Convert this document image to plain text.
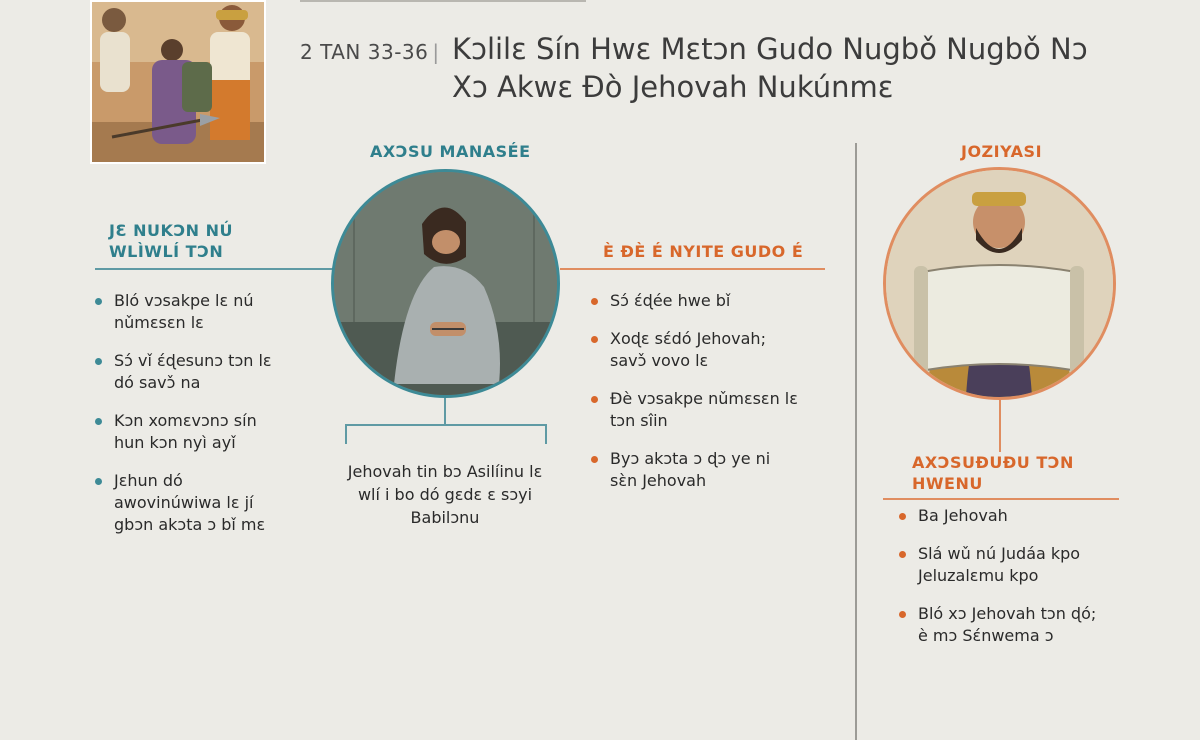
2 TAN 33-36 | Kɔlilɛ Sín Hwɛ Mɛtɔn Gudo Nugbǒ Nugbǒ Nɔ
Xɔ Akwɛ Ðò Jehovah Nukúnmɛ
AXƆSU MANASÉE
JƐ NUKƆN NÚ
WLÌWLÍ TƆN
Bló vɔsakpe lɛ nú
nǔmɛsɛn lɛ
Sɔ́ vǐ ɛ́ɖesunɔ tɔn lɛ
dó savɔ̌ na
Kɔn xomɛvɔnɔ sín
hun kɔn nyì ayǐ
Jɛhun dó
awovinúwiwa lɛ jí
gbɔn akɔta ɔ bǐ mɛ
Jehovah tin bɔ Asilíinu lɛ
wlí i bo dó gɛdɛ ɛ sɔyi
Babilɔnu
È ÐÈ É NYITE GUDO É
Sɔ́ ɛ́ɖée hwe bǐ
Xoɖɛ sɛ́dó Jehovah;
savɔ̌ vovo lɛ
Ðè vɔsakpe nǔmɛsɛn lɛ
tɔn sîin
Byɔ akɔta ɔ ɖɔ ye ni
sɛ̀n Jehovah
JOZIYASI
AXƆSUÐUÐU TƆN
HWENU
Ba Jehovah
Slá wǔ nú Judáa kpo
Jeluzalɛmu kpo
Bló xɔ Jehovah tɔn ɖó;
è mɔ Sɛ́nwema ɔ
